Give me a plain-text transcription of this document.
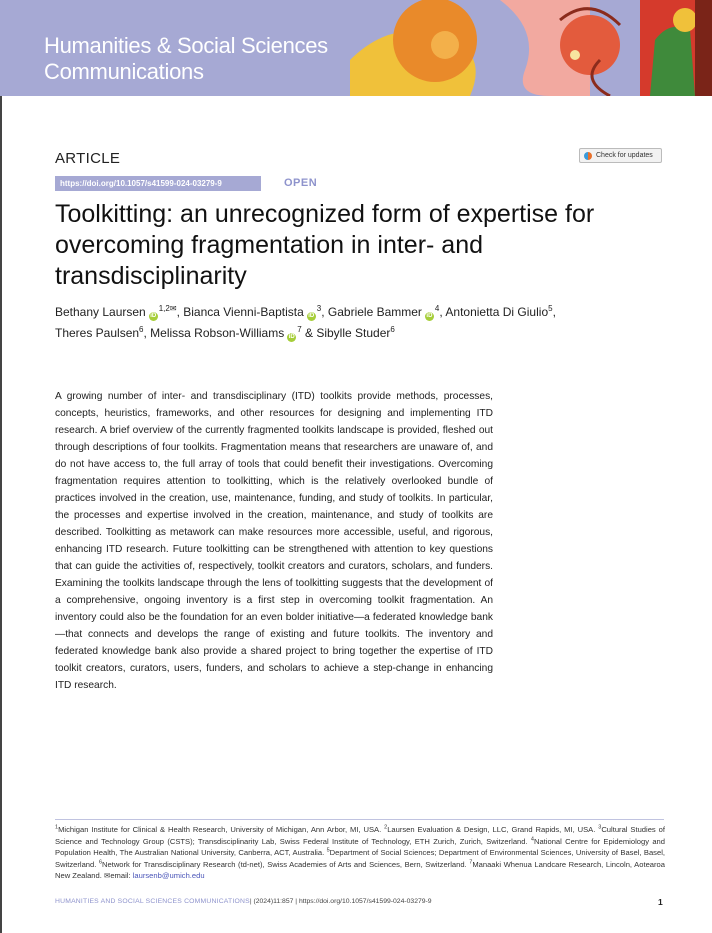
Humanities & Social Sciences
Communications
ARTICLE	Check for updates
https://doi.org/10.1057/s41599-024-03279-9	OPEN
Toolkitting: an unrecognized form of expertise for overcoming fragmentation in inter- and transdisciplinarity
Bethany Laursen $iD^{1,2✉}$, Bianca Vienni-Baptista $iD^3$, Gabriele Bammer $iD^4$, Antonietta Di Giulio$^5$,
Theres Paulsen$^6$, Melissa Robson-Williams $iD^7$ & Sibylle Studer$^6$

A growing number of inter- and transdisciplinary (ITD) toolkits provide methods, processes, concepts, heuristics, frameworks, and other resources for designing and implementing ITD research. A brief overview of the currently fragmented toolkits landscape is provided, fleshed out through descriptions of four toolkits. Fragmentation means that researchers are unaware of, and do not have access to, the full array of tools that could benefit their investigations. Overcoming fragmentation requires attention to toolkitting, which is the relatively overlooked bundle of practices involved in the creation, use, maintenance, funding, and study of toolkits. In particular, the processes and expertise involved in the creation, maintenance, and study of toolkits are described. Toolkitting as metawork can make resources more accessible, useful, and rigorous, enhancing ITD research. Future toolkitting can be strengthened with attention to key questions that can guide the activities of, respectively, toolkit creators and curators, scholars, and funders. Examining the toolkits landscape through the lens of toolkitting suggests that the development of a comprehensive, ongoing inventory is a first step in overcoming toolkit fragmentation. An inventory could also be the foundation for an even bolder initiative—a federated knowledge bank—that connects and develops the range of existing and future toolkits. The inventory and federated knowledge bank also provide a shared project to bring together the expertise of ITD toolkit creators, curators, users, funders, and scholars to achieve a step-change in enhancing ITD research.

$^1$Michigan Institute for Clinical & Health Research, University of Michigan, Ann Arbor, MI, USA. $^2$Laursen Evaluation & Design, LLC, Grand Rapids, MI, USA. $^3$Cultural Studies of Science and Technology Group (CSTS); Transdisciplinarity Lab, Swiss Federal Institute of Technology, ETH Zurich, Zurich, Switzerland. $^4$National Centre for Epidemiology and Population Health, The Australian National University, Canberra, ACT, Australia. $^5$Department of Social Sciences; Department of Environmental Sciences, University of Basel, Basel, Switzerland. $^6$Network for Transdisciplinary Research (td-net), Swiss Academies of Arts and Sciences, Bern, Switzerland. $^7$Manaaki Whenua Landcare Research, Lincoln, Aotearoa New Zealand. ✉email: laursenb@umich.edu

HUMANITIES AND SOCIAL SCIENCES COMMUNICATIONS| (2024)11:857 | https://doi.org/10.1057/s41599-024-03279-9	1
